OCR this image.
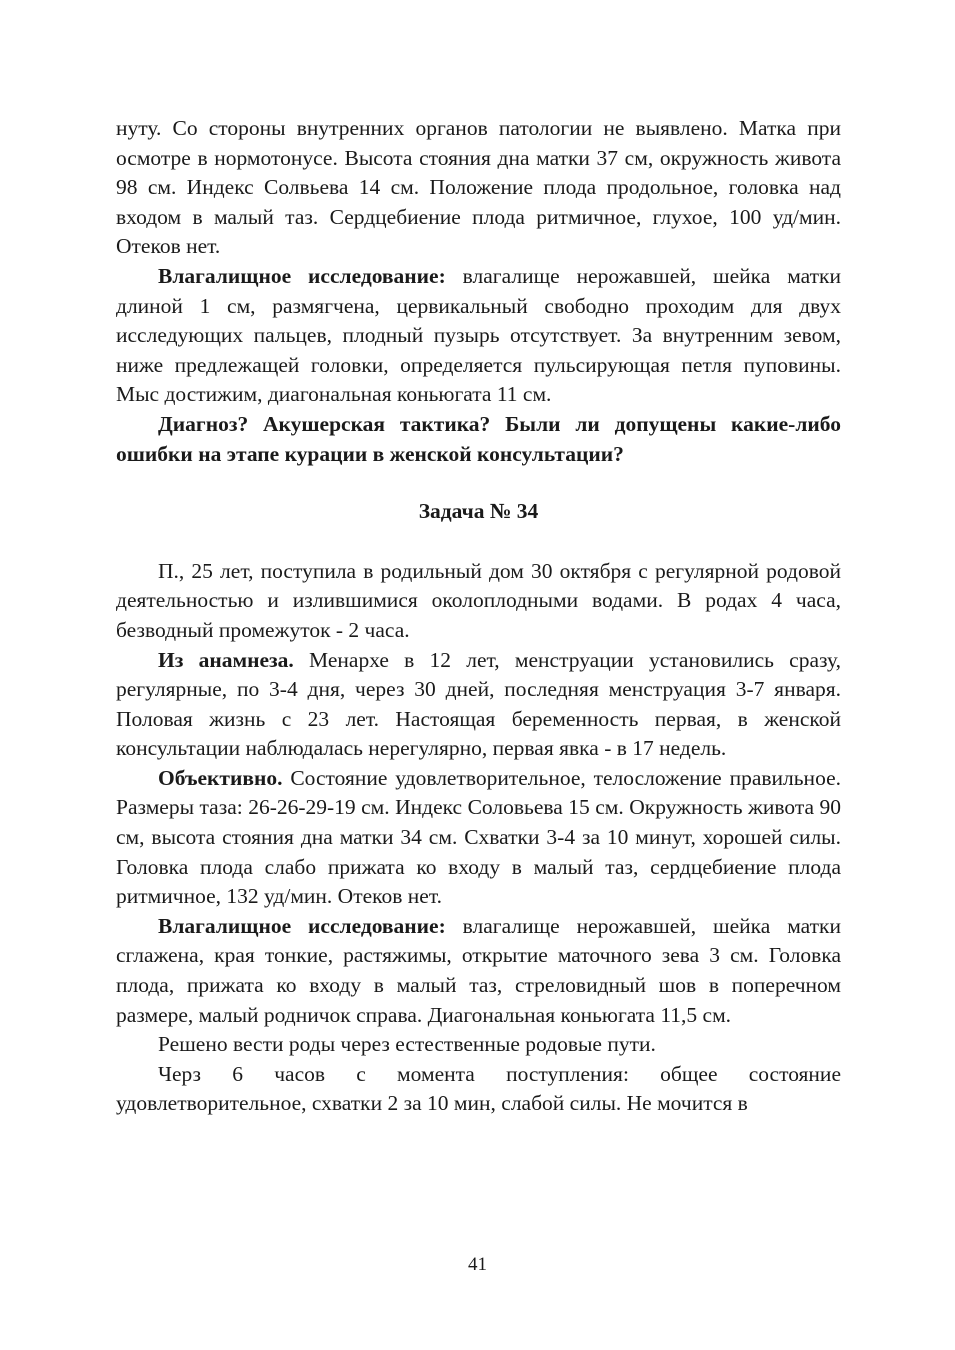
нуту. Со стороны внутренних органов патологии не выявлено. Матка при осмотре в нормотонусе. Высота стояния дна матки 37 см, окружность живота 98 см. Индекс Солвьева 14 см. Положение плода продольное, головка над входом в малый таз. Сердцебиение плода ритмичное, глухое, 100 уд/мин. Отеков нет.

Влагалищное исследование: влагалище нерожавшей, шейка матки длиной 1 см, размягчена, цервикальный свободно проходим для двух исследующих пальцев, плодный пузырь отсутствует. За внутренним зевом, ниже предлежащей головки, определяется пульсирующая петля пуповины. Мыс достижим, диагональная коньюгата 11 см.

Диагноз? Акушерская тактика? Были ли допущены какие-либо ошибки на этапе курации в женской консультации?

Задача № 34

П., 25 лет, поступила в родильный дом 30 октября с регулярной родовой деятельностью и излившимися околоплодными водами. В родах 4 часа, безводный промежуток - 2 часа.

Из анамнеза. Менархе в 12 лет, менструации установились сразу, регулярные, по 3-4 дня, через 30 дней, последняя менструация 3-7 января. Половая жизнь с 23 лет. Настоящая беременность первая, в женской консультации наблюдалась нерегулярно, первая явка - в 17 недель.

Объективно. Состояние удовлетворительное, телосложение правильное. Размеры таза: 26-26-29-19 см. Индекс Соловьева 15 см. Окружность живота 90 см, высота стояния дна матки 34 см. Схватки 3-4 за 10 минут, хорошей силы. Головка плода слабо прижата ко входу в малый таз, сердцебиение плода ритмичное, 132 уд/мин. Отеков нет.

Влагалищное исследование: влагалище нерожавшей, шейка матки сглажена, края тонкие, растяжимы, открытие маточного зева 3 см. Головка плода, прижата ко входу в малый таз, стреловидный шов в поперечном размере, малый родничок справа. Диагональная коньюгата 11,5 см.

Решено вести роды через естественные родовые пути.

Черз 6 часов с момента поступления: общее состояние удовлетворительное, схватки 2 за 10 мин, слабой силы. Не мочится в

41
